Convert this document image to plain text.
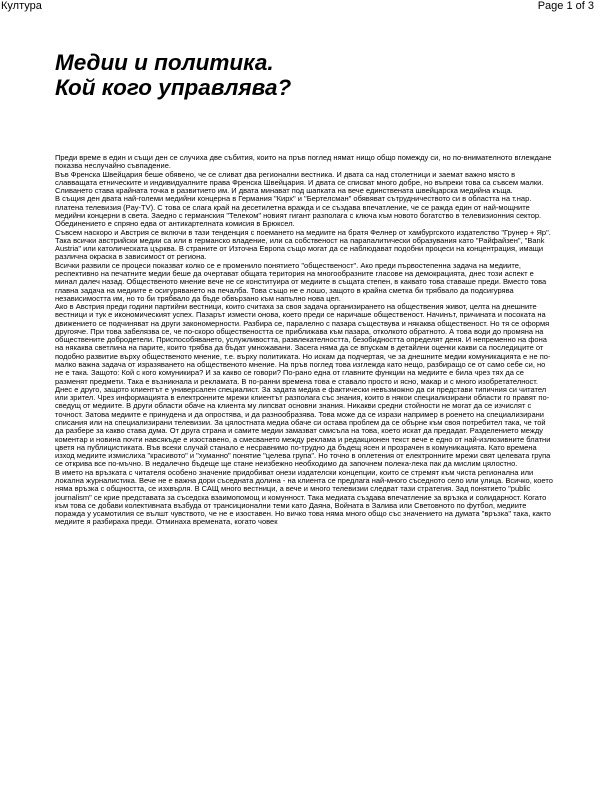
Култура	Page 1 of 3
Медии и политика.
Кой кого управлява?

Преди време в един и същи ден се случиха две събития, които на пръв поглед нямат нищо общо помежду си, но по-внимателното вглеждане показва неслучайно съвпадение.

Във Френска Швейцария беше обявено, че се сливат два регионални вестника. И двата са над столетници и заемат важно място в славващата етническите и индивидуалните права Френска Швейцария. И двата се списват много добре, но въпреки това са съвсем малки. Сливането става крайната точка в развитието им. И двата минават под шапката на вече единствената швейцарска медийна къща.

В същия ден двата най-големи медийни концерна в Германия "Кирх" и "Бертелсман" обявяват сътрудничеството си в областта на т.нар. платена телевизия (Pay-TV). С това се слага край на десетилетна вражда и се създава впечатление, че се ражда един от най-мощните медийни концерни в света. Заедно с германския "Телеком" новият гигант разполага с ключа към новото богатство в телевизионния сектор. Обединението е спряно едва от антикартелната комисия в Брюксел.

Съвсем наскоро и Австрия се включи в тази тенденция с поемането на медиите на братя Фелнер от хамбургското издателство "Грунер + Яр". Така всички австрийски медии са или в германско владение, или са собственост на парапалитически образувания като "Райфайзен", "Bank Austria" или католическата църква. В страните от Източна Европа също могат да се наблюдават подобни процеси на концентрация, имащи различна окраска в зависимост от региона.

Всички развили се процеси показват колко се е променило понятието "общественост". Ако преди първостепенна задача на медиите, респективно на печатните медии беше да очертават общата територия на многообразните гласове на демокрацията, днес този аспект е минал далеч назад. Общественото мнение вече не се конституира от медиите в същата степен, в каквато това ставаше преди. Вместо това главна задача на медиите е осигуряването на печалба. Това също не е лошо, защото в крайна сметка би трябвало да подсигурява независимостта им, но то би трябвало да бъде обвързано към напълно нова цел.

Ако в Австрия преди години партийни вестници, които считаха за своя задача организирането на обществения живот, целта на днешните вестници и тук е икономическият успех. Пазарът измести онова, което преди се наричаше общественост. Начинът, причината и посоката на движението се подчиняват на други закономерности. Разбира се, паралелно с пазара съществува и някаква общественост. Но тя се оформя другояче. При това забелязва се, че по-скоро обществеността се приближава към пазара, отколкото обратното. А това води до промяна на обществените добродетели. Приспособяването, услужливостта, развлекателността, безобидността определят деня. И непременно на фона на някаква светлина на парите, които трябва да бъдат умножавани. Засега няма да се впускам в детайлни оценки какви са последиците от подобно развитие върху общественото мнение, т.е. върху политиката. Но искам да подчертая, че за днешните медии комуникацията е не по-малко важна задача от изразяването на общественото мнение. На пръв поглед това изглежда като нещо, разбиращо се от само себе си, но не е така. Защото: Кой с кого комуникира? И за какво се говори? По-рано една от главните функции на медиите е била чрез тях да се разменят предмети. Така е възникнала и рекламата. В по-ранни времена това е ставало просто и ясно, макар и с много изобретателност. Днес е друго, защото клиентът е универсален специалист. За задата медиа е фактически невъзможно да си представи типичния си читател или зрител. Чрез информацията в електронните мрежи клиентът разполага със знания, които в някои специализирани области го правят по-сведущ от медиите. В други области обаче на клиента му липсват основни знания. Никакви средни стойности не могат да се изчислят с точност. Затова медиите е принудена и да опростява, и да разнообразява. Това може да се изрази например в роенето на специализирани списания или на специализирани телевизии. За цялостната медиа обаче си остава проблем да се обърне към своя потребител така, че той да разбере за какво става дума. От друга страна и самите медии замазват смисъла на това, което искат да предадат. Разделението между коментар и новина почти навсякъде е изоставено, а смесването между реклама и редакционен текст вече е едно от най-излюзивните блатни цветя на публицистиката. Във всеки случай станало е несравнимо по-трудно да бъдещ ясен и прозрачен в комуникацията. Като времена изход медиите измислиха "красивото" и "хуманно" понятие "целева група". Но точно в оплетения от електронните мрежи свят целевата група се открива все по-мъчно. В недалечно бъдеще ще стане неизбежно необходимо да започнем полека-лека пак да мислим цялостно.

В името на връзката с читателя особено значение придобиват онези издателски концепции, които се стремят към чиста регионална или локална журналистика. Вече не е важна дори съседната долина - на клиента се предлага най-много съседното село или улица. Всичко, което няма връзка с общността, се изхвърля. В САЩ много вестници, а вече и много телевизии следват тази стратегия. Зад понятието "public journalism" се крие представата за съседска взаимопомощ и комунност. Така медиата създава впечатление за връзка и солидарност. Когато към това се добави колективната възбуда от трансиционални теми като Даяна, Войната в Залива или Световното по футбол, медиите поражда у усамотилия се вълшт чувството, че не е изоставен. Но вичко това няма много общо със значението на думата "връзка" така, както медиите я разбираха преди. Отминаха времената, когато човек
